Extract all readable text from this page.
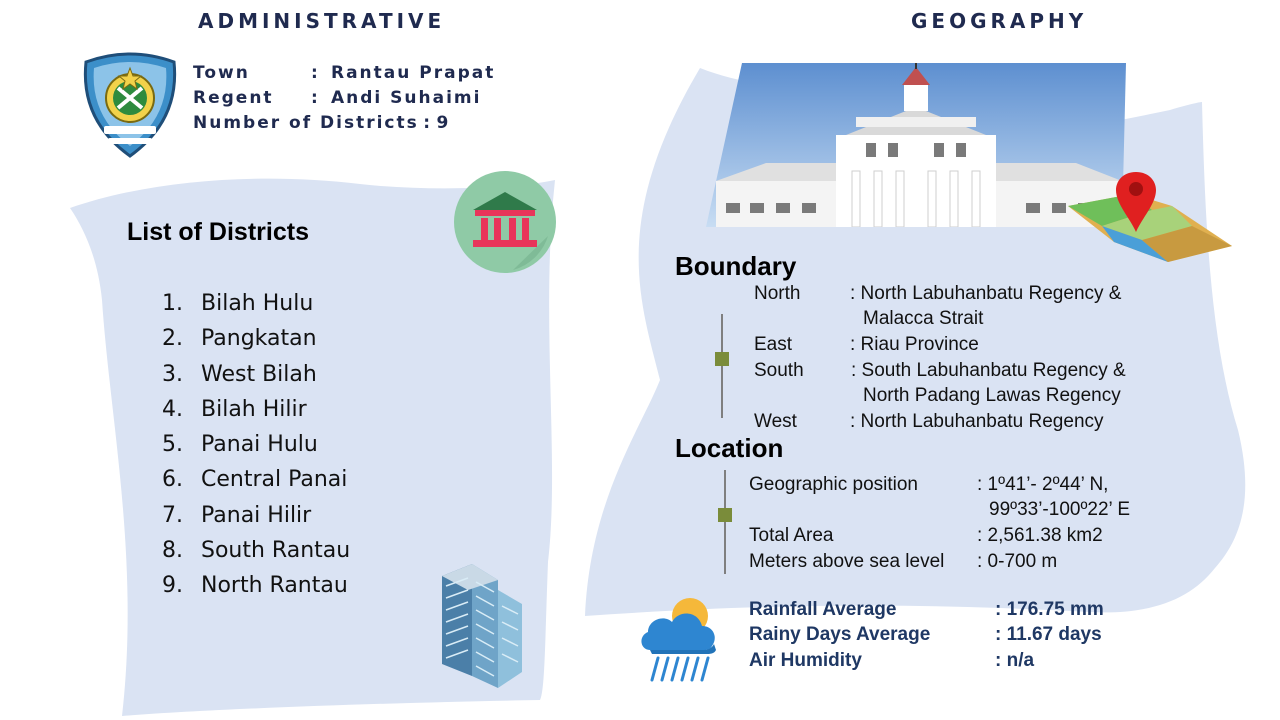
ADMINISTRATIVE
Town	: Rantau Prapat
Regent : Andi Suhaimi
Number of Districts : 9
List of Districts
1. Bilah Hulu
2. Pangkatan
3. West Bilah
4. Bilah Hilir
5. Panai Hulu
6. Central Panai
7. Panai Hilir
8. South Rantau
9. North Rantau
GEOGRAPHY
Boundary
North	: North Labuhanbatu Regency &
Malacca Strait
East	: Riau Province
South : South Labuhanbatu Regency &
North Padang Lawas Regency
West	: North Labuhanbatu Regency
Location
Geographic position	: 1º41’- 2º44’ N,
99º33’-100º22’ E
Total Area	: 2,561.38 km2
Meters above sea level : 0-700 m
Rainfall Average	: 176.75 mm
Rainy Days Average	: 11.67 days
Air Humidity	: n/a
